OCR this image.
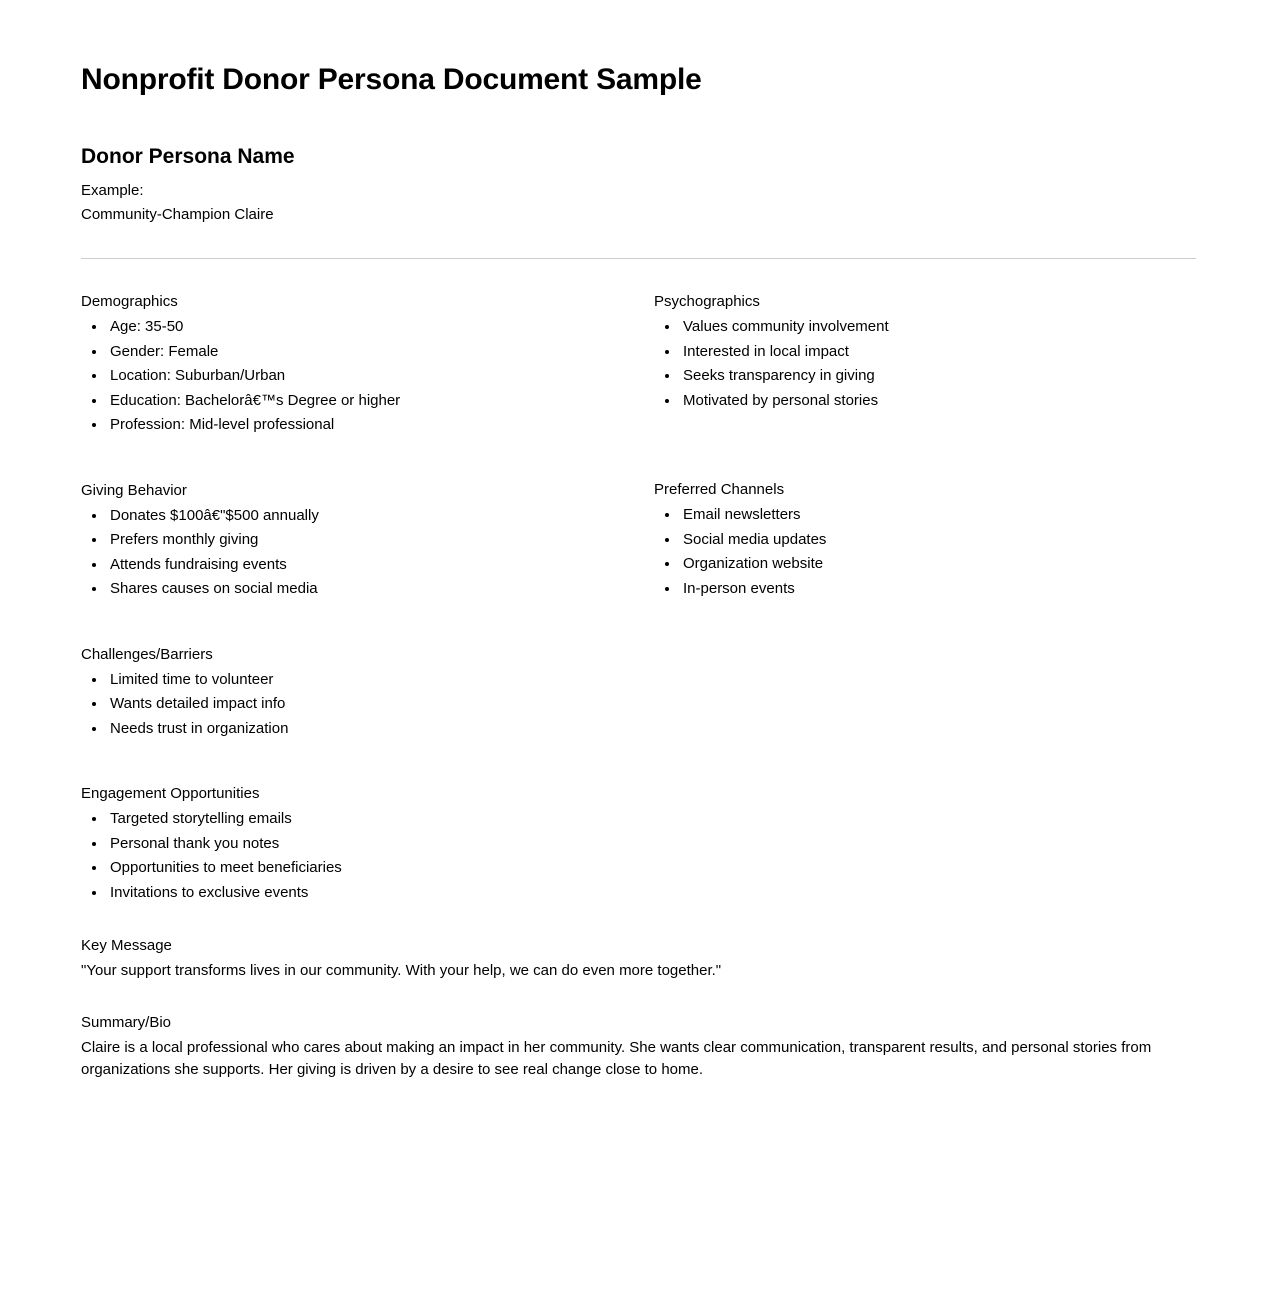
Nonprofit Donor Persona Document Sample
Donor Persona Name

Example:

Community-Champion Claire

Demographics
• Age: 35-50
• Gender: Female
• Location: Suburban/Urban
• Education: Bachelorâ€™s Degree or higher
• Profession: Mid-level professional
Giving Behavior
• Donates $100â€"$500 annually
• Prefers monthly giving
• Attends fundraising events
• Shares causes on social media
Challenges/Barriers
• Limited time to volunteer
• Wants detailed impact info
• Needs trust in organization
Engagement Opportunities
• Targeted storytelling emails
• Personal thank you notes
• Opportunities to meet beneficiaries
• Invitations to exclusive events
Psychographics
• Values community involvement
• Interested in local impact
• Seeks transparency in giving
• Motivated by personal stories
Preferred Channels
• Email newsletters
• Social media updates
• Organization website
• In-person events
Key Message

"Your support transforms lives in our community. With your help, we can do even more together."

Summary/Bio

Claire is a local professional who cares about making an impact in her community. She wants clear communication, transparent results, and personal stories from organizations she supports. Her giving is driven by a desire to see real change close to home.
